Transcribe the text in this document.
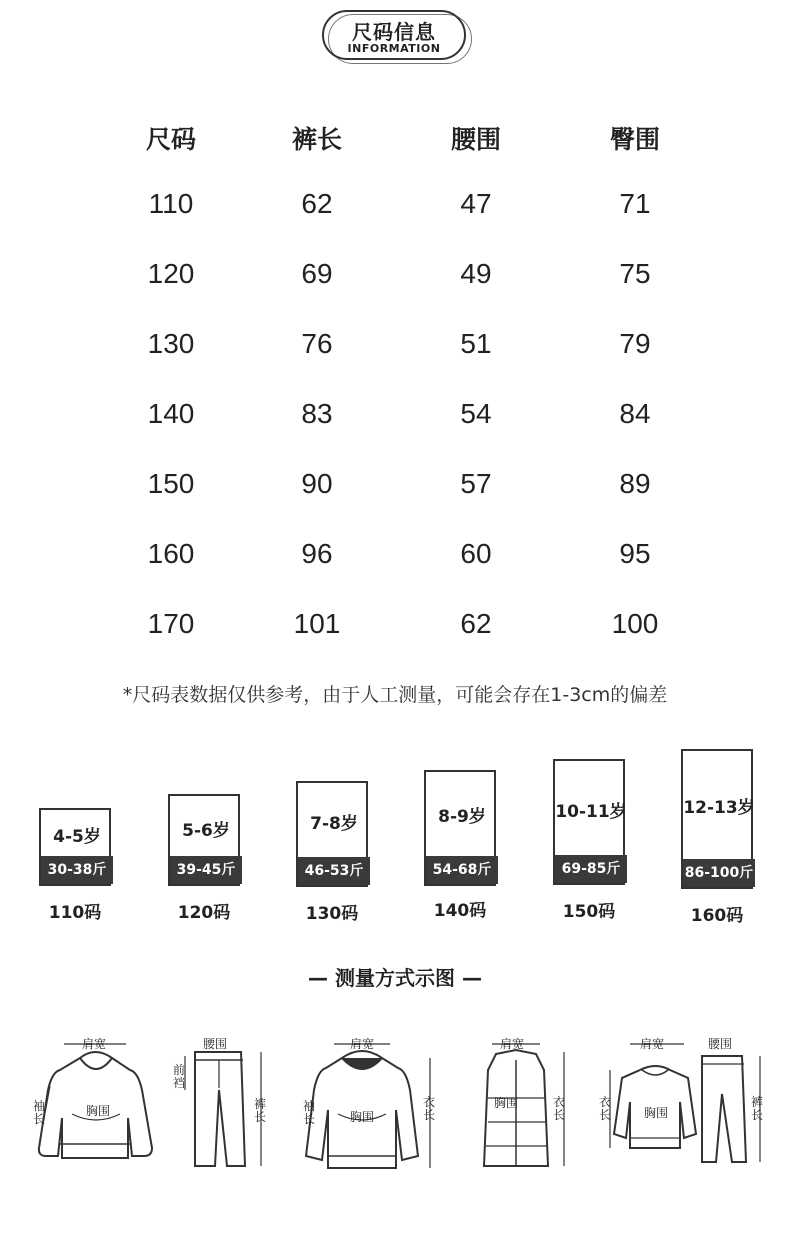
尺码信息
INFORMATION
尺码	裤长	腰围	臀围
110	62	47	71
120	69	49	75
130	76	51	79
140	83	54	84
150	90	57	89
160	96	60	95
170	101	62	100
*尺码表数据仅供参考，由于人工测量，可能会存在1-3cm的偏差
4-5岁
30-38斤
110码
5-6岁
39-45斤
120码
7-8岁
46-53斤
130码
8-9岁
54-68斤
140码
10-11岁
69-85斤
150码
12-13岁
86-100斤
160码
— 测量方式示图 —
肩宽
袖长
胸围
腰围
前裆
裤长
肩宽
袖长	胸围
衣长
肩宽
胸围	衣长
肩宽	腰围
衣长	胸围
裤长
